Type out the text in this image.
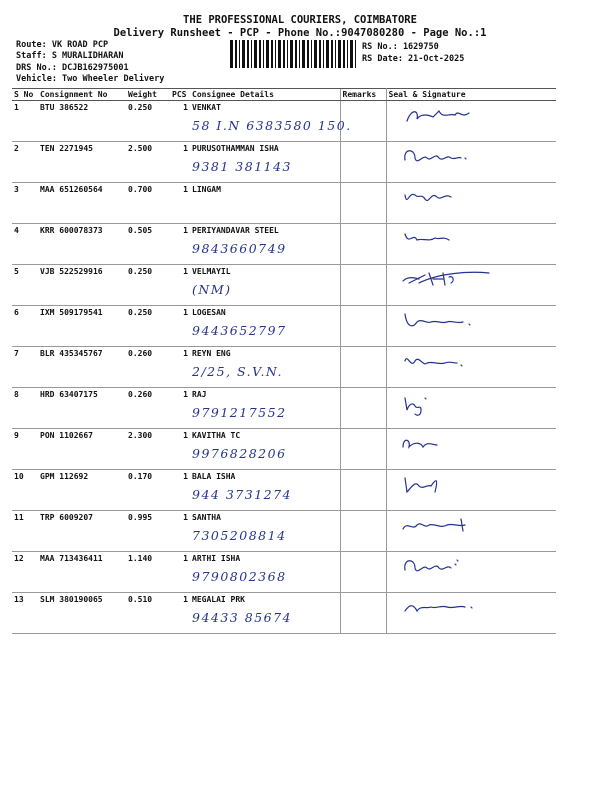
THE PROFESSIONAL COURIERS, COIMBATORE
Delivery Runsheet - PCP - Phone No.:9047080280 - Page No.:1
Route: VK ROAD PCP
Staff: S MURALIDHARAN
DRS No.: DCJB162975001
Vehicle: Two Wheeler Delivery
RS No.: 1629750
RS Date: 21-Oct-2025
S No	Consignment No	Weight	PCS	Consignee Details	Remarks	Seal & Signature
1	BTU 386522	0.250	1	VENKAT
58 I.N 6383580 150.

2	TEN 2271945	2.500	1	PURUSOTHAMMAN ISHA
9381 381143

3	MAA 651260564	0.700	1	LINGAM

4	KRR 600078373	0.505	1	PERIYANDAVAR STEEL
9843660749

5	VJB 522529916	0.250	1	VELMAYIL
(NM)

6	IXM 509179541	0.250	1	LOGESAN
9443652797

7	BLR 435345767	0.260	1	REYN ENG
2/25, S.V.N.

8	HRD 63407175	0.260	1	RAJ
9791217552

9	PON 1102667	2.300	1	KAVITHA TC
9976828206

10	GPM 112692	0.170	1	BALA ISHA
944 3731274

11	TRP 6009207	0.995	1	SANTHA
7305208814

12	MAA 713436411	1.140	1	ARTHI ISHA
9790802368

13	SLM 380190065	0.510	1	MEGALAI PRK
94433 85674
